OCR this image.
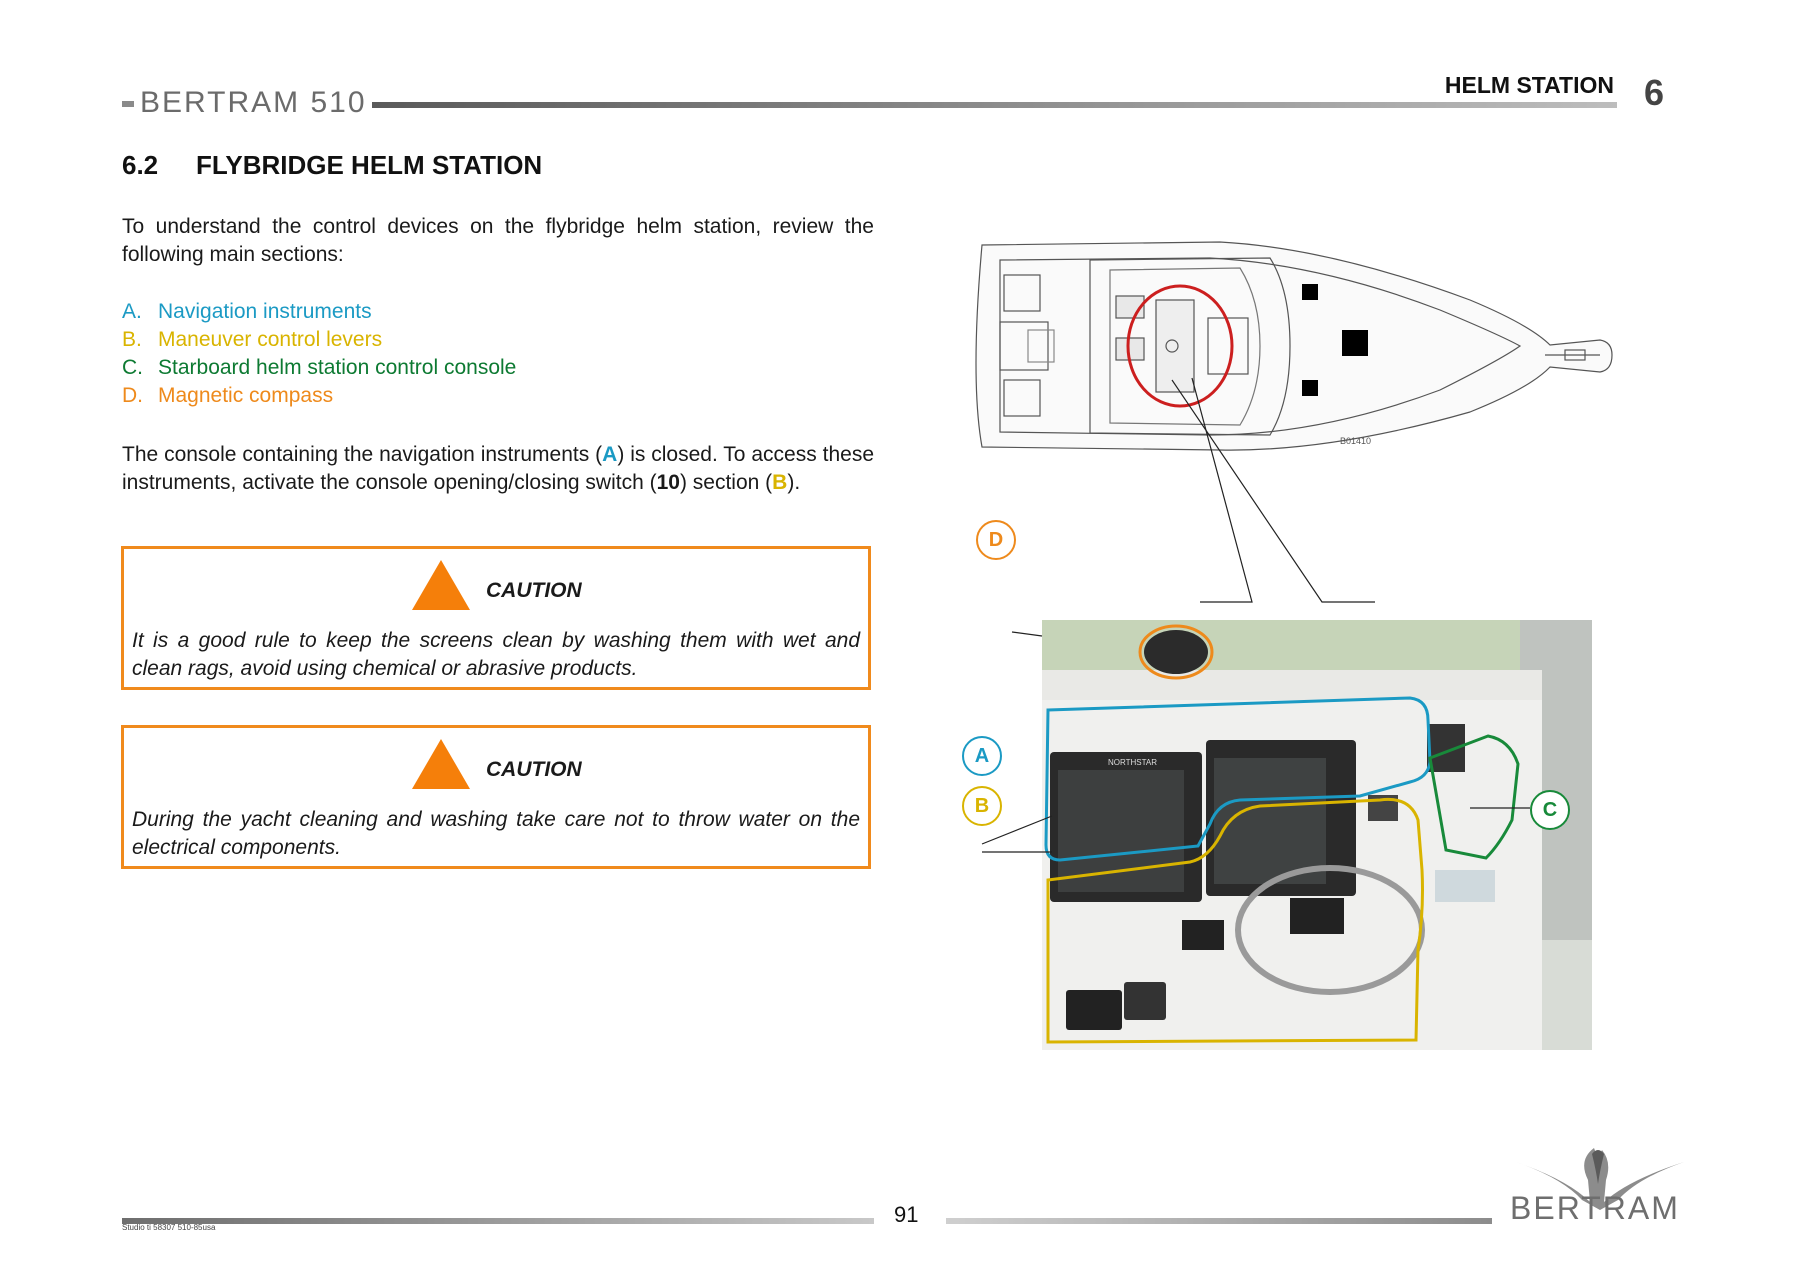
BERTRAM 510
HELM STATION 6
6.2 FLYBRIDGE HELM STATION
To understand the control devices on the flybridge helm station, review the following main sections:
A. Navigation instruments
B. Maneuver control levers
C. Starboard helm station control console
D. Magnetic compass
The console containing the navigation instruments (A) is closed. To access these instruments, activate the console opening/closing switch (10) section (B).
CAUTION
It is a good rule to keep the screens clean by washing them with wet and clean rags, avoid using chemical or abrasive products.
CAUTION
During the yacht cleaning and washing take care not to throw water on the electrical components.
B01410
NORTHSTAR
D
A
B	C
91
Studio ti 58307 510-85usa
BERTRAM
